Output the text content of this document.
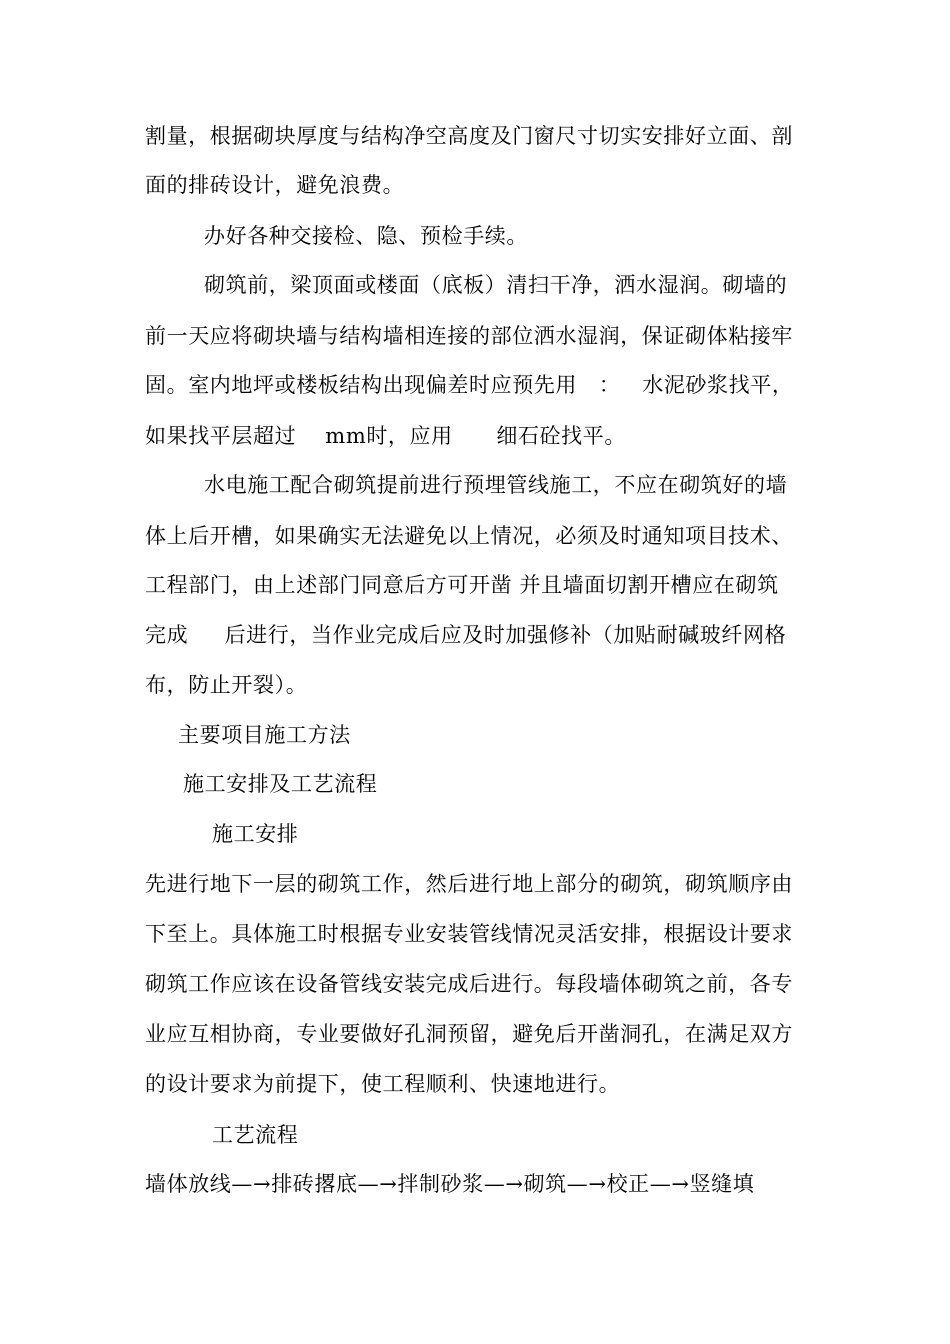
割量，根据砌块厚度与结构净空高度及门窗尺寸切实安排好立面、剖
面的排砖设计，避免浪费。
办好各种交接检、隐、预检手续。
砌筑前，梁顶面或楼面（底板）清扫干净，洒水湿润。砌墙的
前一天应将砌块墙与结构墙相连接的部位洒水湿润，保证砌体粘接牢
固。室内地坪或楼板结构出现偏差时应预先用   ：   水泥砂浆找平，
如果找平层超过    mm时，应用      细石砼找平。
水电施工配合砌筑提前进行预埋管线施工，不应在砌筑好的墙
体上后开槽，如果确实无法避免以上情况，必须及时通知项目技术、
工程部门，由上述部门同意后方可开凿 并且墙面切割开槽应在砌筑
完成     后进行，当作业完成后应及时加强修补（加贴耐碱玻纤网格
布，防止开裂）。
主要项目施工方法
施工安排及工艺流程
施工安排
先进行地下一层的砌筑工作，然后进行地上部分的砌筑，砌筑顺序由
下至上。具体施工时根据专业安装管线情况灵活安排，根据设计要求
砌筑工作应该在设备管线安装完成后进行。每段墙体砌筑之前，各专
业应互相协商，专业要做好孔洞预留，避免后开凿洞孔，在满足双方
的设计要求为前提下，使工程顺利、快速地进行。
工艺流程
墙体放线—→排砖撂底—→拌制砂浆—→砌筑—→校正—→竖缝填
